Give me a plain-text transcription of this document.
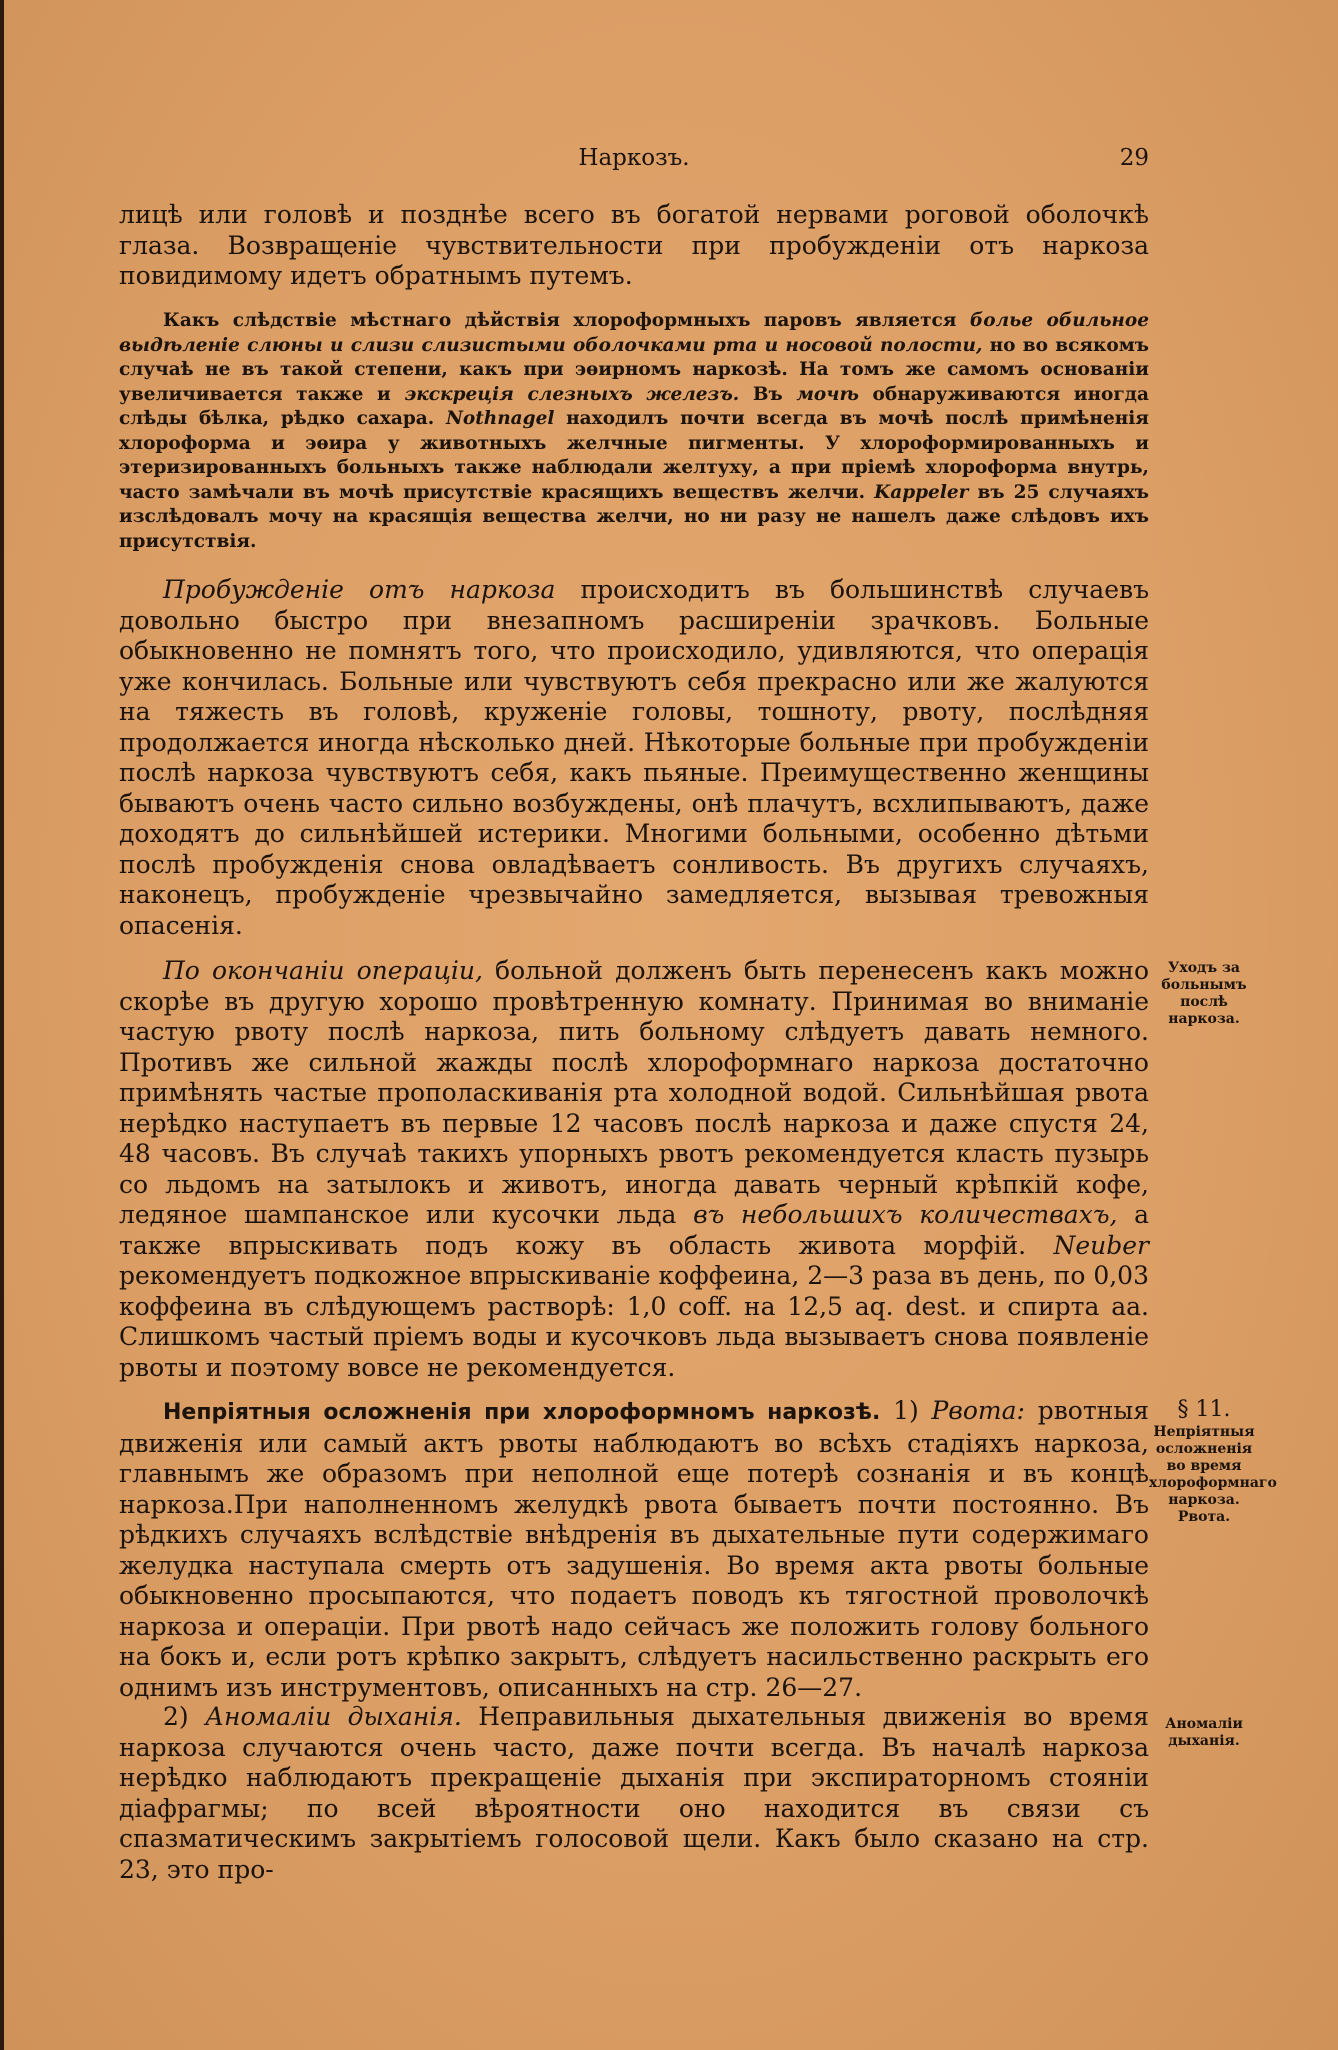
Наркозъ.	29

лицѣ или головѣ и позднѣе всего въ богатой нервами роговой оболочкѣ глаза. Возвращеніе чувствительности при пробужденіи отъ наркоза повидимому идетъ обратнымъ путемъ.

Какъ слѣдствіе мѣстнаго дѣйствія хлороформныхъ паровъ является болье обильное выдѣленіе слюны и слизи слизистыми оболочками рта и носовой полости, но во всякомъ случаѣ не въ такой степени, какъ при эѳирномъ наркозѣ. На томъ же самомъ основаніи увеличивается также и экскреція слезныхъ железъ. Въ мочѣ обнаруживаются иногда слѣды бѣлка, рѣдко сахара. Nothnagel находилъ почти всегда въ мочѣ послѣ примѣненія хлороформа и эѳира у животныхъ желчные пигменты. У хлороформированныхъ и этеризированныхъ больныхъ также наблюдали желтуху, а при пріемѣ хлороформа внутрь, часто замѣчали въ мочѣ присутствіе красящихъ веществъ желчи. Kappeler въ 25 случаяхъ изслѣдовалъ мочу на красящія вещества желчи, но ни разу не нашелъ даже слѣдовъ ихъ присутствія.

Пробужденіе отъ наркоза происходитъ въ большинствѣ случаевъ довольно быстро при внезапномъ расширеніи зрачковъ. Больные обыкновенно не помнятъ того, что происходило, удивляются, что операція уже кончилась. Больные или чувствуютъ себя прекрасно или же жалуются на тяжесть въ головѣ, круженіе головы, тошноту, рвоту, послѣдняя продолжается иногда нѣсколько дней. Нѣкоторые больные при пробужденіи послѣ наркоза чувствуютъ себя, какъ пьяные. Преимущественно женщины бываютъ очень часто сильно возбуждены, онѣ плачутъ, всхлипываютъ, даже доходятъ до сильнѣйшей истерики. Многими больными, особенно дѣтьми послѣ пробужденія снова овладѣваетъ сонливость. Въ другихъ случаяхъ, наконецъ, пробужденіе чрезвычайно замедляется, вызывая тревожныя опасенія.

По окончаніи операціи, больной долженъ быть перенесенъ какъ можно скорѣе въ другую хорошо провѣтренную комнату. Принимая во вниманіе частую рвоту послѣ наркоза, пить больному слѣдуетъ давать немного. Противъ же сильной жажды послѣ хлороформнаго наркоза достаточно примѣнять частые прополаскиванія рта холодной водой. Сильнѣйшая рвота нерѣдко наступаетъ въ первые 12 часовъ послѣ наркоза и даже спустя 24, 48 часовъ. Въ случаѣ такихъ упорныхъ рвотъ рекомендуется класть пузырь со льдомъ на затылокъ и животъ, иногда давать черный крѣпкій кофе, ледяное шампанское или кусочки льда въ небольшихъ количествахъ, а также впрыскивать подъ кожу въ область живота морфій. Neuber рекомендуетъ подкожное впрыскиваніе коффеина, 2—3 раза въ день, по 0,03 коффеина въ слѣдующемъ растворѣ: 1,0 coff. на 12,5 aq. dest. и спирта aa. Слишкомъ частый пріемъ воды и кусочковъ льда вызываетъ снова появленіе рвоты и поэтому вовсе не рекомендуется.

Непріятныя осложненія при хлороформномъ наркозѣ. 1) Рвота: рвотныя движенія или самый актъ рвоты наблюдаютъ во всѣхъ стадіяхъ наркоза, главнымъ же образомъ при неполной еще потерѣ сознанія и въ концѣ наркоза.При наполненномъ желудкѣ рвота бываетъ почти постоянно. Въ рѣдкихъ случаяхъ вслѣдствіе внѣдренія въ дыхательные пути содержимаго желудка наступала смерть отъ задушенія. Во время акта рвоты больные обыкновенно просыпаются, что подаетъ поводъ къ тягостной проволочкѣ наркоза и операціи. При рвотѣ надо сейчасъ же положить голову больного на бокъ и, если ротъ крѣпко закрытъ, слѣдуетъ насильственно раскрыть его однимъ изъ инструментовъ, описанныхъ на стр. 26—27.

2) Аномаліи дыханія. Неправильныя дыхательныя движенія во время наркоза случаются очень часто, даже почти всегда. Въ началѣ наркоза нерѣдко наблюдаютъ прекращеніе дыханія при экспираторномъ стояніи діафрагмы; по всей вѣроятности оно находится въ связи съ спазматическимъ закрытіемъ голосовой щели. Какъ было сказано на стр. 23, это про-

Уходъ за больнымъ послѣ наркоза.
§ 11.
Непріятныя осложненія во время хлороформнаго наркоза. Рвота.
Аномаліи дыханія.
